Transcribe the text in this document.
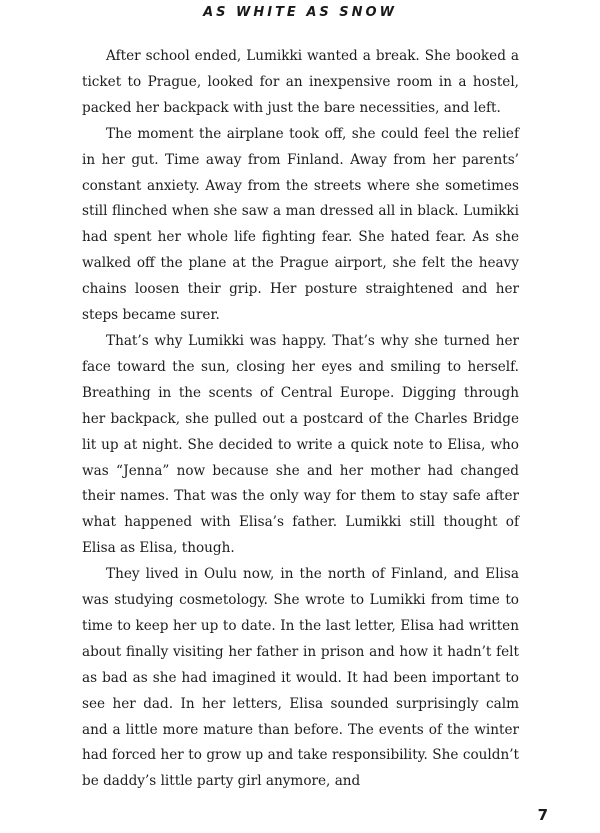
AS WHITE AS SNOW

After school ended, Lumikki wanted a break. She booked a ticket to Prague, looked for an inexpensive room in a hostel, packed her backpack with just the bare necessities, and left.

The moment the airplane took off, she could feel the relief in her gut. Time away from Finland. Away from her parents’ constant anxiety. Away from the streets where she sometimes still flinched when she saw a man dressed all in black. Lumikki had spent her whole life fighting fear. She hated fear. As she walked off the plane at the Prague airport, she felt the heavy chains loosen their grip. Her posture straightened and her steps became surer.

That’s why Lumikki was happy. That’s why she turned her face toward the sun, closing her eyes and smiling to herself. Breathing in the scents of Central Europe. Digging through her backpack, she pulled out a postcard of the Charles Bridge lit up at night. She decided to write a quick note to Elisa, who was “Jenna” now because she and her mother had changed their names. That was the only way for them to stay safe after what happened with Elisa’s father. Lumikki still thought of Elisa as Elisa, though.

They lived in Oulu now, in the north of Finland, and Elisa was studying cosmetology. She wrote to Lumikki from time to time to keep her up to date. In the last letter, Elisa had written about finally visiting her father in prison and how it hadn’t felt as bad as she had imagined it would. It had been important to see her dad. In her letters, Elisa sounded surprisingly calm and a little more mature than before. The events of the winter had forced her to grow up and take responsibility. She couldn’t be daddy’s little party girl anymore, and

7
